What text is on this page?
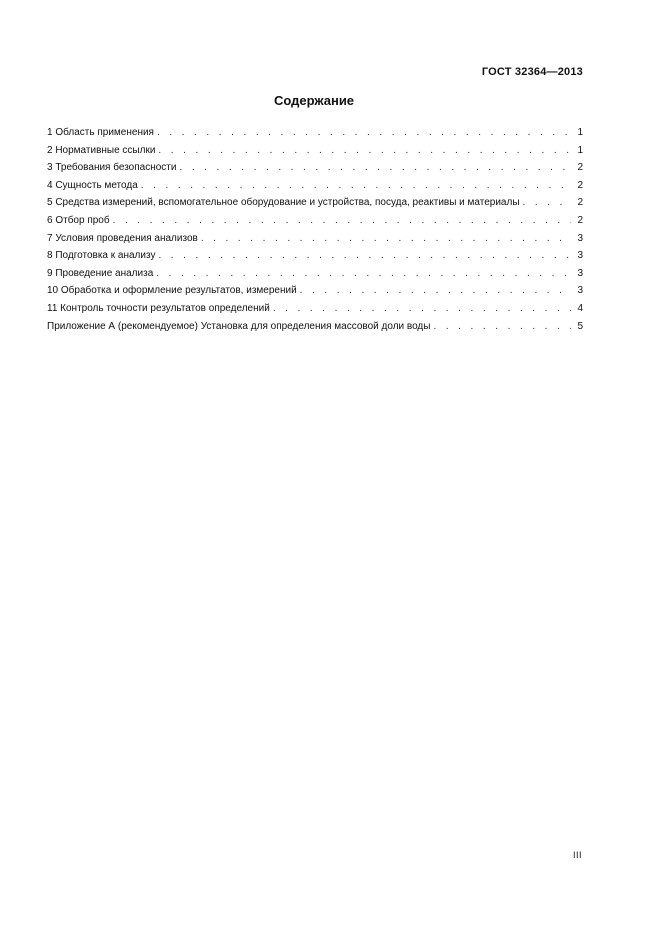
ГОСТ 32364—2013
Содержание
1 Область применения . . .	1
2 Нормативные ссылки . . .	1
3 Требования безопасности . . .	2
4 Сущность метода . . .	2
5 Средства измерений, вспомогательное оборудование и устройства, посуда, реактивы и материалы . . .	2
6 Отбор проб . . .	2
7 Условия проведения анализов . . .	3
8 Подготовка к анализу . . .	3
9 Проведение анализа . . .	3
10 Обработка и оформление результатов, измерений . . .	3
11 Контроль точности результатов определений . . .	4
Приложение А (рекомендуемое) Установка для определения массовой доли воды . . .	5
III
